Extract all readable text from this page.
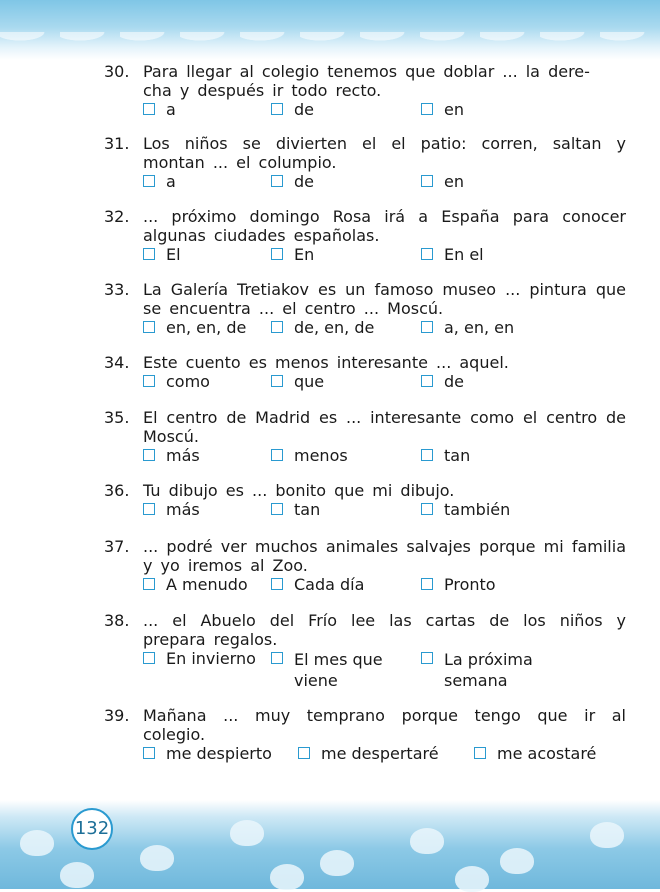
30. Para llegar al colegio tenemos que doblar ... la dere-
cha y después ir todo recto.
a	de	en
31. Los niños se divierten el el patio: corren, saltan y montan ... el columpio.
a	de	en
32. ... próximo domingo Rosa irá a España para conocer algunas ciudades españolas.
El	En	En el
33. La Galería Tretiakov es un famoso museo ... pintura que se encuentra ... el centro ... Moscú.
en, en, de	de, en, de	a, en, en
34. Este cuento es menos interesante ... aquel.
como	que	de
35. El centro de Madrid es ... interesante como el centro de Moscú.
más	menos	tan
36. Tu dibujo es ... bonito que mi dibujo.
más	tan	también
37. ... podré ver muchos animales salvajes porque mi familia y yo iremos al Zoo.
A menudo	Cada día	Pronto
38. ... el Abuelo del Frío lee las cartas de los niños y prepara regalos.
En invierno	El mes que
viene
La próxima
semana
39. Mañana ... muy temprano porque tengo que ir al colegio.
me despierto	me despertaré	me acostaré
132
